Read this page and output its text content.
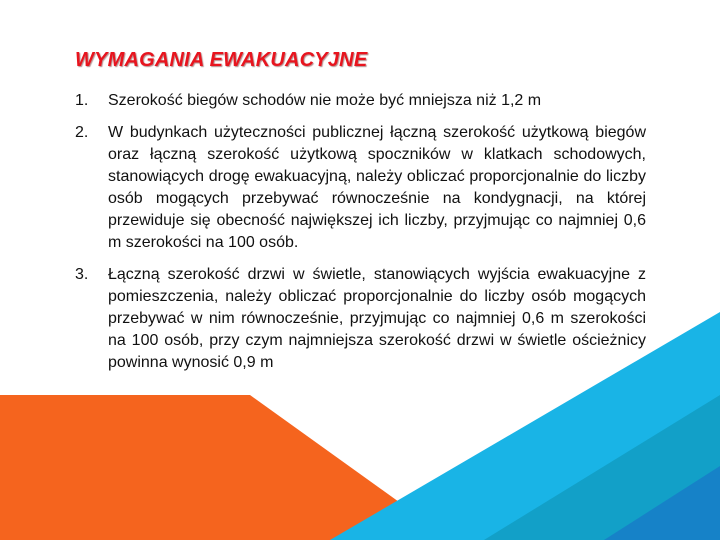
WYMAGANIA EWAKUACYJNE
1.	Szerokość biegów schodów nie może być mniejsza niż 1,2 m
2.	W budynkach użyteczności publicznej łączną szerokość użytkową biegów oraz łączną szerokość użytkową spoczników w klatkach schodowych, stanowiących drogę ewakuacyjną, należy obliczać proporcjonalnie do liczby osób mogących przebywać równocześnie na kondygnacji, na której przewiduje się obecność największej ich liczby, przyjmując co najmniej 0,6 m szerokości na 100 osób.
3.	Łączną szerokość drzwi w świetle, stanowiących wyjścia ewakuacyjne z pomieszczenia, należy obliczać proporcjonalnie do liczby osób mogących przebywać w nim równocześnie, przyjmując co najmniej 0,6 m szerokości na 100 osób, przy czym najmniejsza szerokość drzwi w świetle ościeżnicy powinna wynosić 0,9 m
